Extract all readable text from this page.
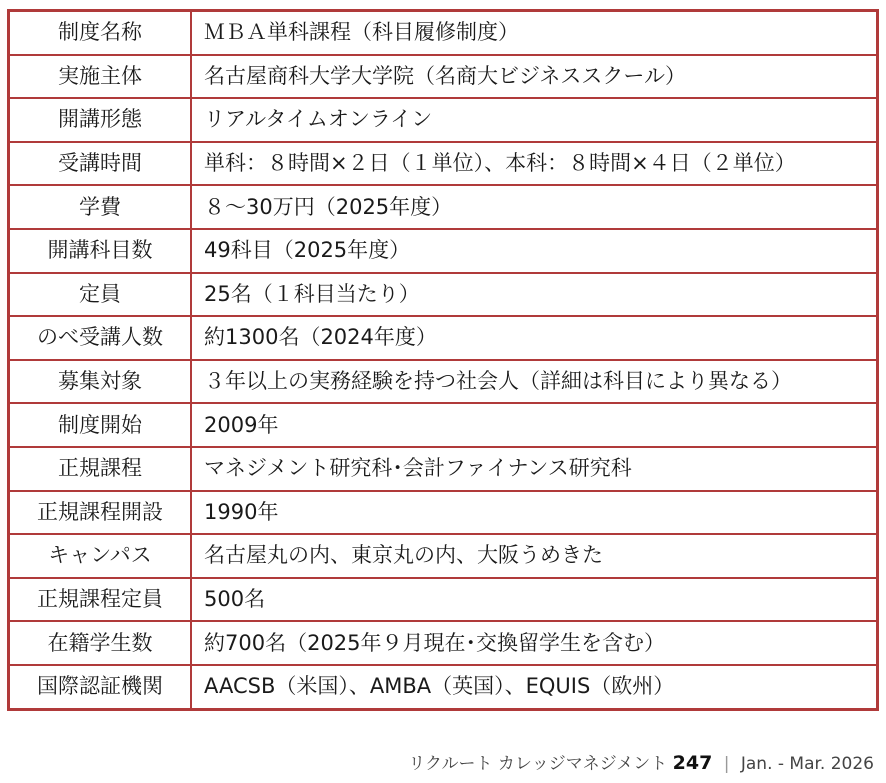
制度名称	ＭＢＡ単科課程（科目履修制度）
実施主体	名古屋商科大学大学院（名商大ビジネススクール）
開講形態	リアルタイムオンライン
受講時間	単科：８時間×２日（１単位）、本科：８時間×４日（２単位）
学費	８～30万円（2025年度）
開講科目数	49科目（2025年度）
定員	25名（１科目当たり）
のべ受講人数	約1300名（2024年度）
募集対象	３年以上の実務経験を持つ社会人（詳細は科目により異なる）
制度開始	2009年
正規課程	マネジメント研究科･会計ファイナンス研究科
正規課程開設	1990年
キャンパス	名古屋丸の内、東京丸の内、大阪うめきた
正規課程定員	500名
在籍学生数	約700名（2025年９月現在･交換留学生を含む）
国際認証機関	AACSB（米国）、AMBA（英国）、EQUIS（欧州）
リクルート カレッジマネジメント 247 | Jan. - Mar. 2026
